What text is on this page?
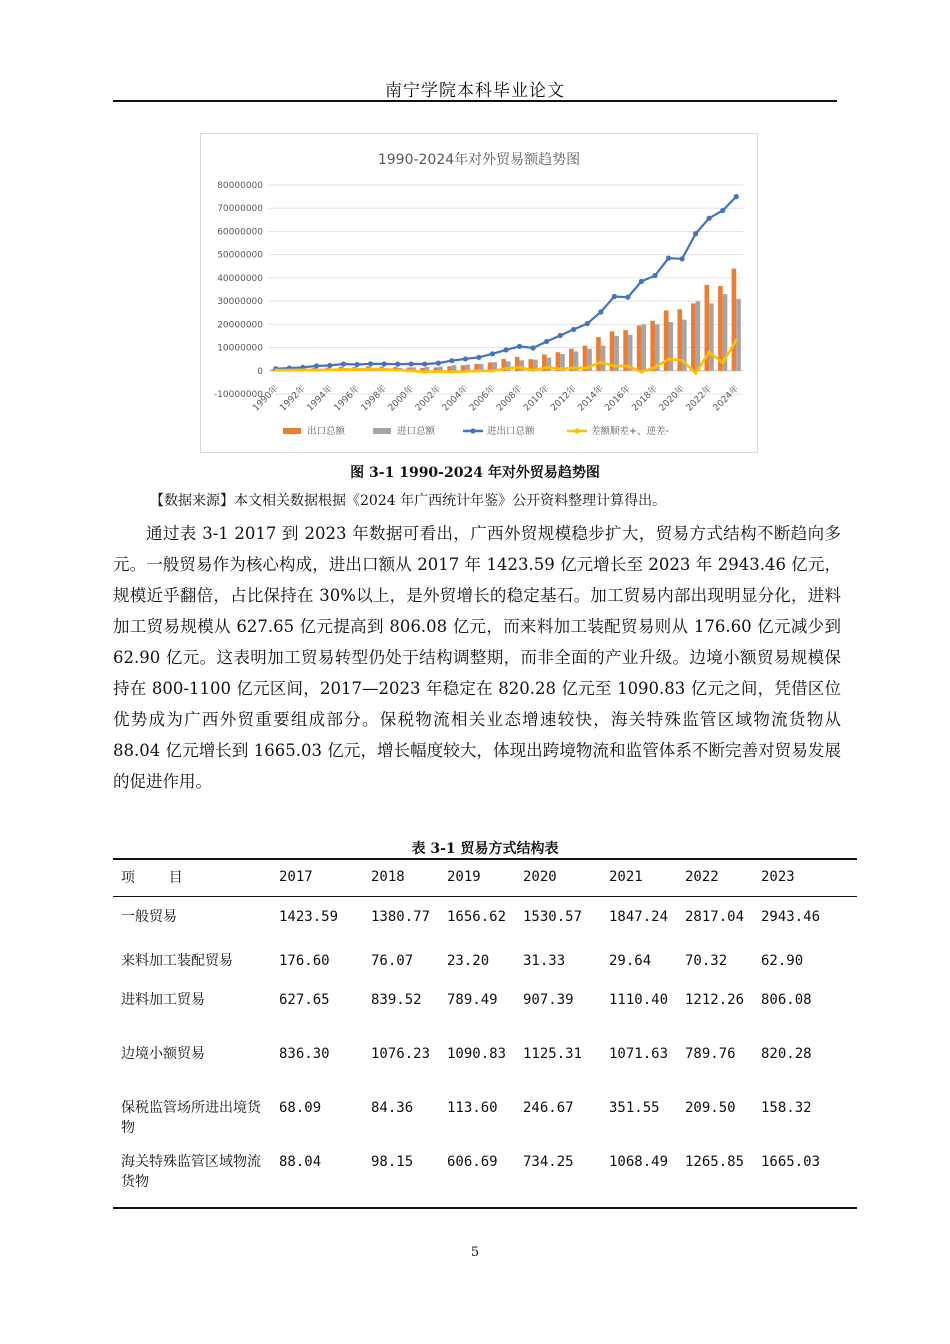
南宁学院本科毕业论文
1990-2024年对外贸易额趋势图
80000000
70000000
60000000
50000000
40000000
30000000
20000000
10000000
0
-10000000
1990年
1992年
1994年
1996年
1998年
2000年
2002年
2004年
2006年
2008年
2010年
2012年
2014年
2016年
2018年
2020年
2022年
2024年
出口总额	进口总额	进出口总额	差额顺差+、逆差-
图 3-1 1990-2024 年对外贸易趋势图
【数据来源】本文相关数据根据《2024 年广西统计年鉴》公开资料整理计算得出。

通过表 3-1 2017 到 2023 年数据可看出，广西外贸规模稳步扩大，贸易方式结构不断趋向多元。一般贸易作为核心构成，进出口额从 2017 年 1423.59 亿元增长至 2023 年 2943.46 亿元，规模近乎翻倍，占比保持在 30%以上，是外贸增长的稳定基石。加工贸易内部出现明显分化，进料加工贸易规模从 627.65 亿元提高到 806.08 亿元，而来料加工装配贸易则从 176.60 亿元减少到 62.90 亿元。这表明加工贸易转型仍处于结构调整期，而非全面的产业升级。边境小额贸易规模保持在 800-1100 亿元区间，2017—2023 年稳定在 820.28 亿元至 1090.83 亿元之间，凭借区位优势成为广西外贸重要组成部分。保税物流相关业态增速较快，海关特殊监管区域物流货物从 88.04 亿元增长到 1665.03 亿元，增长幅度较大，体现出跨境物流和监管体系不断完善对贸易发展的促进作用。

表 3-1 贸易方式结构表
项    目	2017	2018	2019	2020	2021	2022	2023
一般贸易	1423.59	1380.77	1656.62	1530.57	1847.24	2817.04	2943.46
来料加工装配贸易	176.60	76.07	23.20	31.33	29.64	70.32	62.90
进料加工贸易	627.65	839.52	789.49	907.39	1110.40	1212.26	806.08
边境小额贸易	836.30	1076.23	1090.83	1125.31	1071.63	789.76	820.28

保税监管场所进出境货物	68.09	84.36	113.60	246.67	351.55	209.50	158.32

海关特殊监管区域物流货物	88.04	98.15	606.69	734.25	1068.49	1265.85	1665.03
5
